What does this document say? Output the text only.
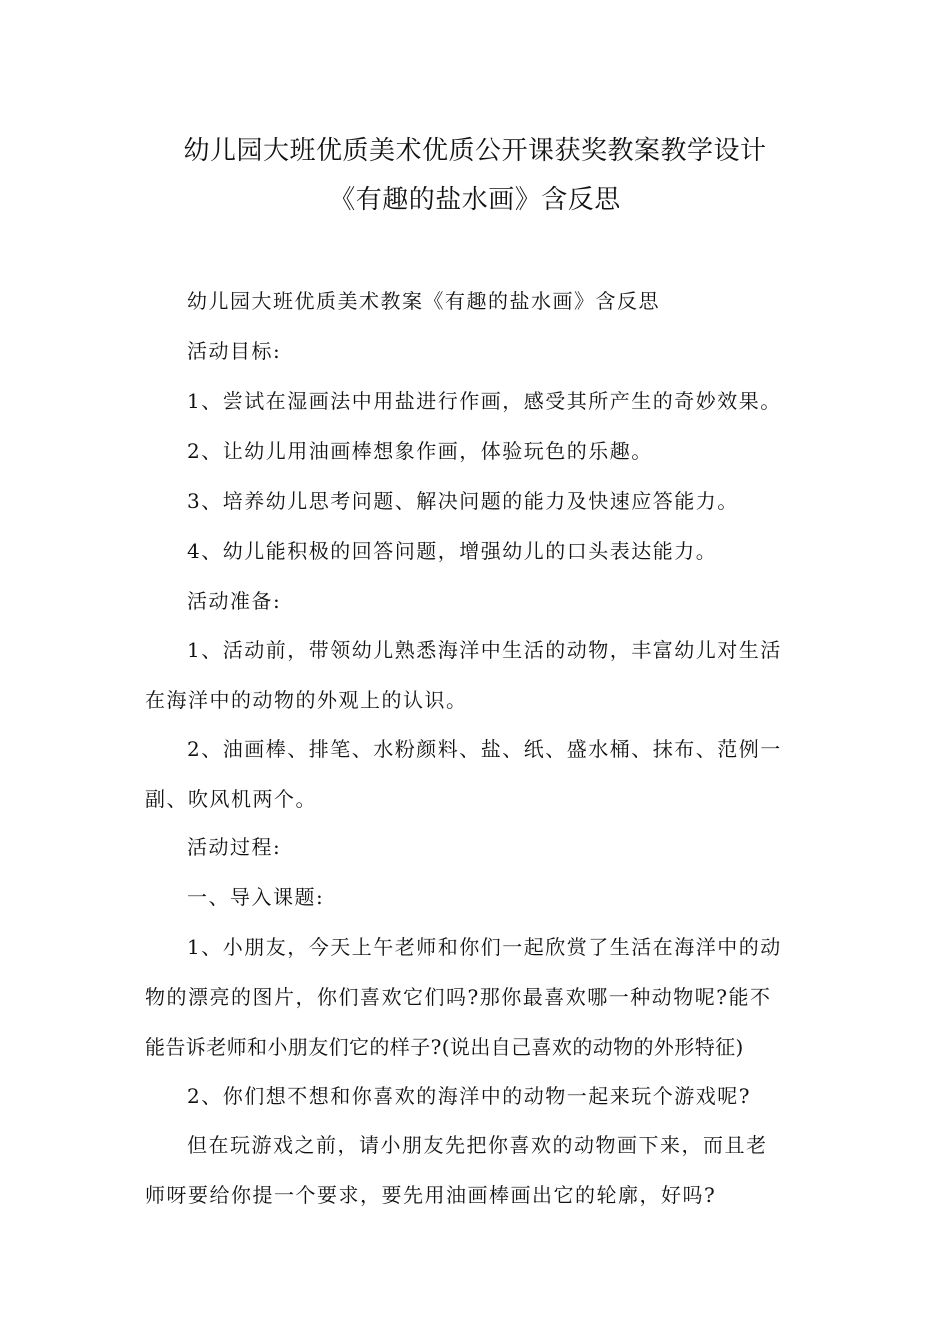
幼儿园大班优质美术优质公开课获奖教案教学设计
《有趣的盐水画》含反思

幼儿园大班优质美术教案《有趣的盐水画》含反思

活动目标:

1、尝试在湿画法中用盐进行作画，感受其所产生的奇妙效果。

2、让幼儿用油画棒想象作画，体验玩色的乐趣。

3、培养幼儿思考问题、解决问题的能力及快速应答能力。

4、幼儿能积极的回答问题，增强幼儿的口头表达能力。

活动准备:

1、活动前，带领幼儿熟悉海洋中生活的动物，丰富幼儿对生活
在海洋中的动物的外观上的认识。

2、油画棒、排笔、水粉颜料、盐、纸、盛水桶、抹布、范例一
副、吹风机两个。

活动过程:

一、导入课题:

1、小朋友，今天上午老师和你们一起欣赏了生活在海洋中的动
物的漂亮的图片，你们喜欢它们吗?那你最喜欢哪一种动物呢?能不
能告诉老师和小朋友们它的样子?(说出自己喜欢的动物的外形特征)

2、你们想不想和你喜欢的海洋中的动物一起来玩个游戏呢?

但在玩游戏之前，请小朋友先把你喜欢的动物画下来，而且老
师呀要给你提一个要求，要先用油画棒画出它的轮廓，好吗?
